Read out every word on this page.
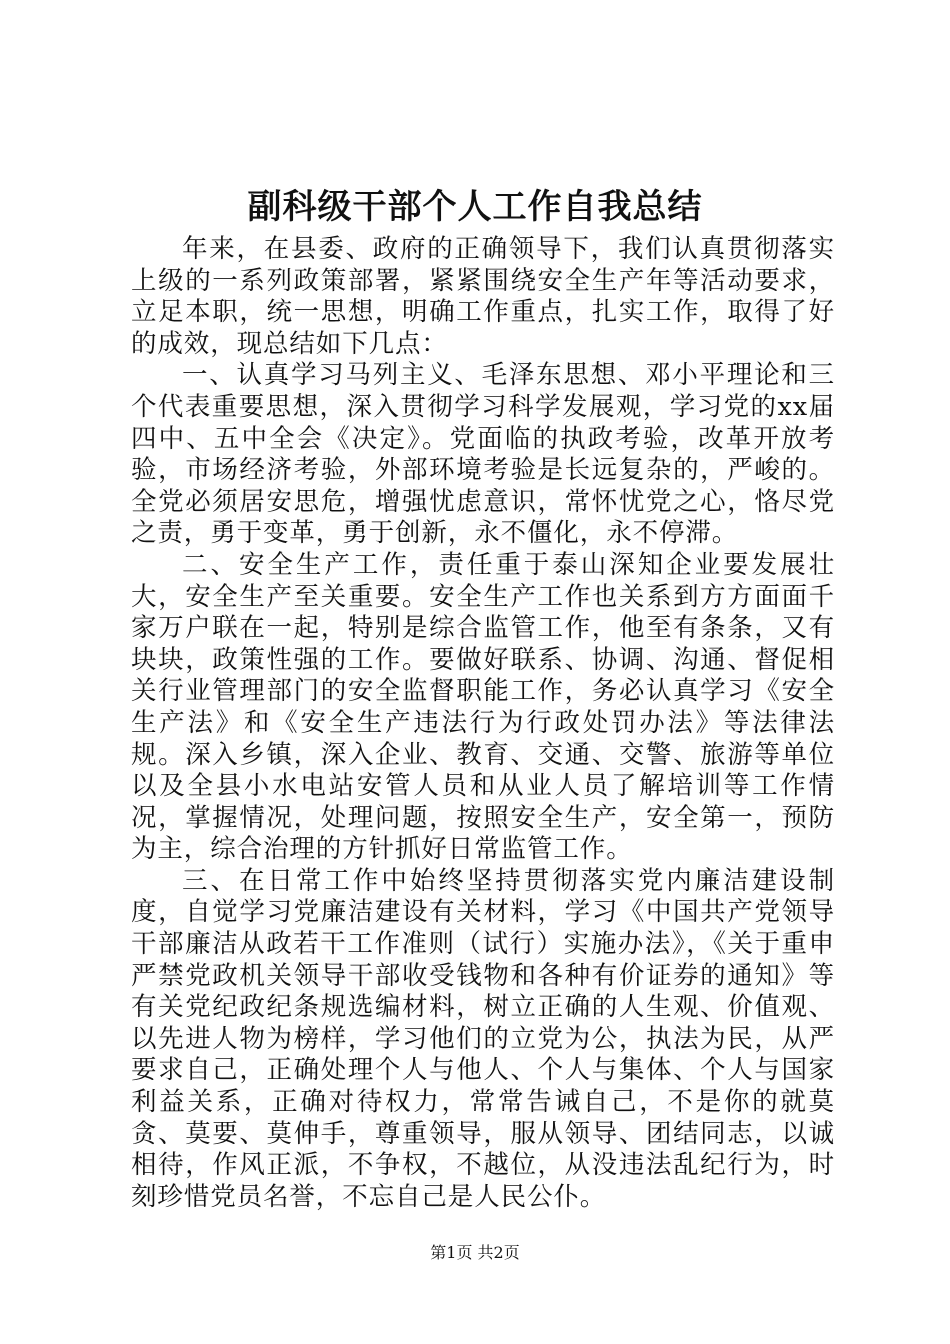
副科级干部个人工作自我总结

年来，在县委、政府的正确领导下，我们认真贯彻落实上级的一系列政策部署，紧紧围绕安全生产年等活动要求，立足本职，统一思想，明确工作重点，扎实工作，取得了好的成效，现总结如下几点：

一、认真学习马列主义、毛泽东思想、邓小平理论和三个代表重要思想，深入贯彻学习科学发展观，学习党的xx届四中、五中全会《决定》。党面临的执政考验，改革开放考验，市场经济考验，外部环境考验是长远复杂的，严峻的。全党必须居安思危，增强忧虑意识，常怀忧党之心，恪尽党之责，勇于变革，勇于创新，永不僵化，永不停滞。

二、安全生产工作，责任重于泰山深知企业要发展壮大，安全生产至关重要。安全生产工作也关系到方方面面千家万户联在一起，特别是综合监管工作，他至有条条，又有块块，政策性强的工作。要做好联系、协调、沟通、督促相关行业管理部门的安全监督职能工作，务必认真学习《安全生产法》和《安全生产违法行为行政处罚办法》等法律法规。深入乡镇，深入企业、教育、交通、交警、旅游等单位以及全县小水电站安管人员和从业人员了解培训等工作情况，掌握情况，处理问题，按照安全生产，安全第一，预防为主，综合治理的方针抓好日常监管工作。

三、在日常工作中始终坚持贯彻落实党内廉洁建设制度，自觉学习党廉洁建设有关材料，学习《中国共产党领导干部廉洁从政若干工作准则（试行）实施办法》，《关于重申严禁党政机关领导干部收受钱物和各种有价证券的通知》等有关党纪政纪条规选编材料，树立正确的人生观、价值观、以先进人物为榜样，学习他们的立党为公，执法为民，从严要求自己，正确处理个人与他人、个人与集体、个人与国家利益关系，正确对待权力，常常告诫自己，不是你的就莫贪、莫要、莫伸手，尊重领导，服从领导、团结同志，以诚相待，作风正派，不争权，不越位，从没违法乱纪行为，时刻珍惜党员名誉，不忘自己是人民公仆。

第1页 共2页
